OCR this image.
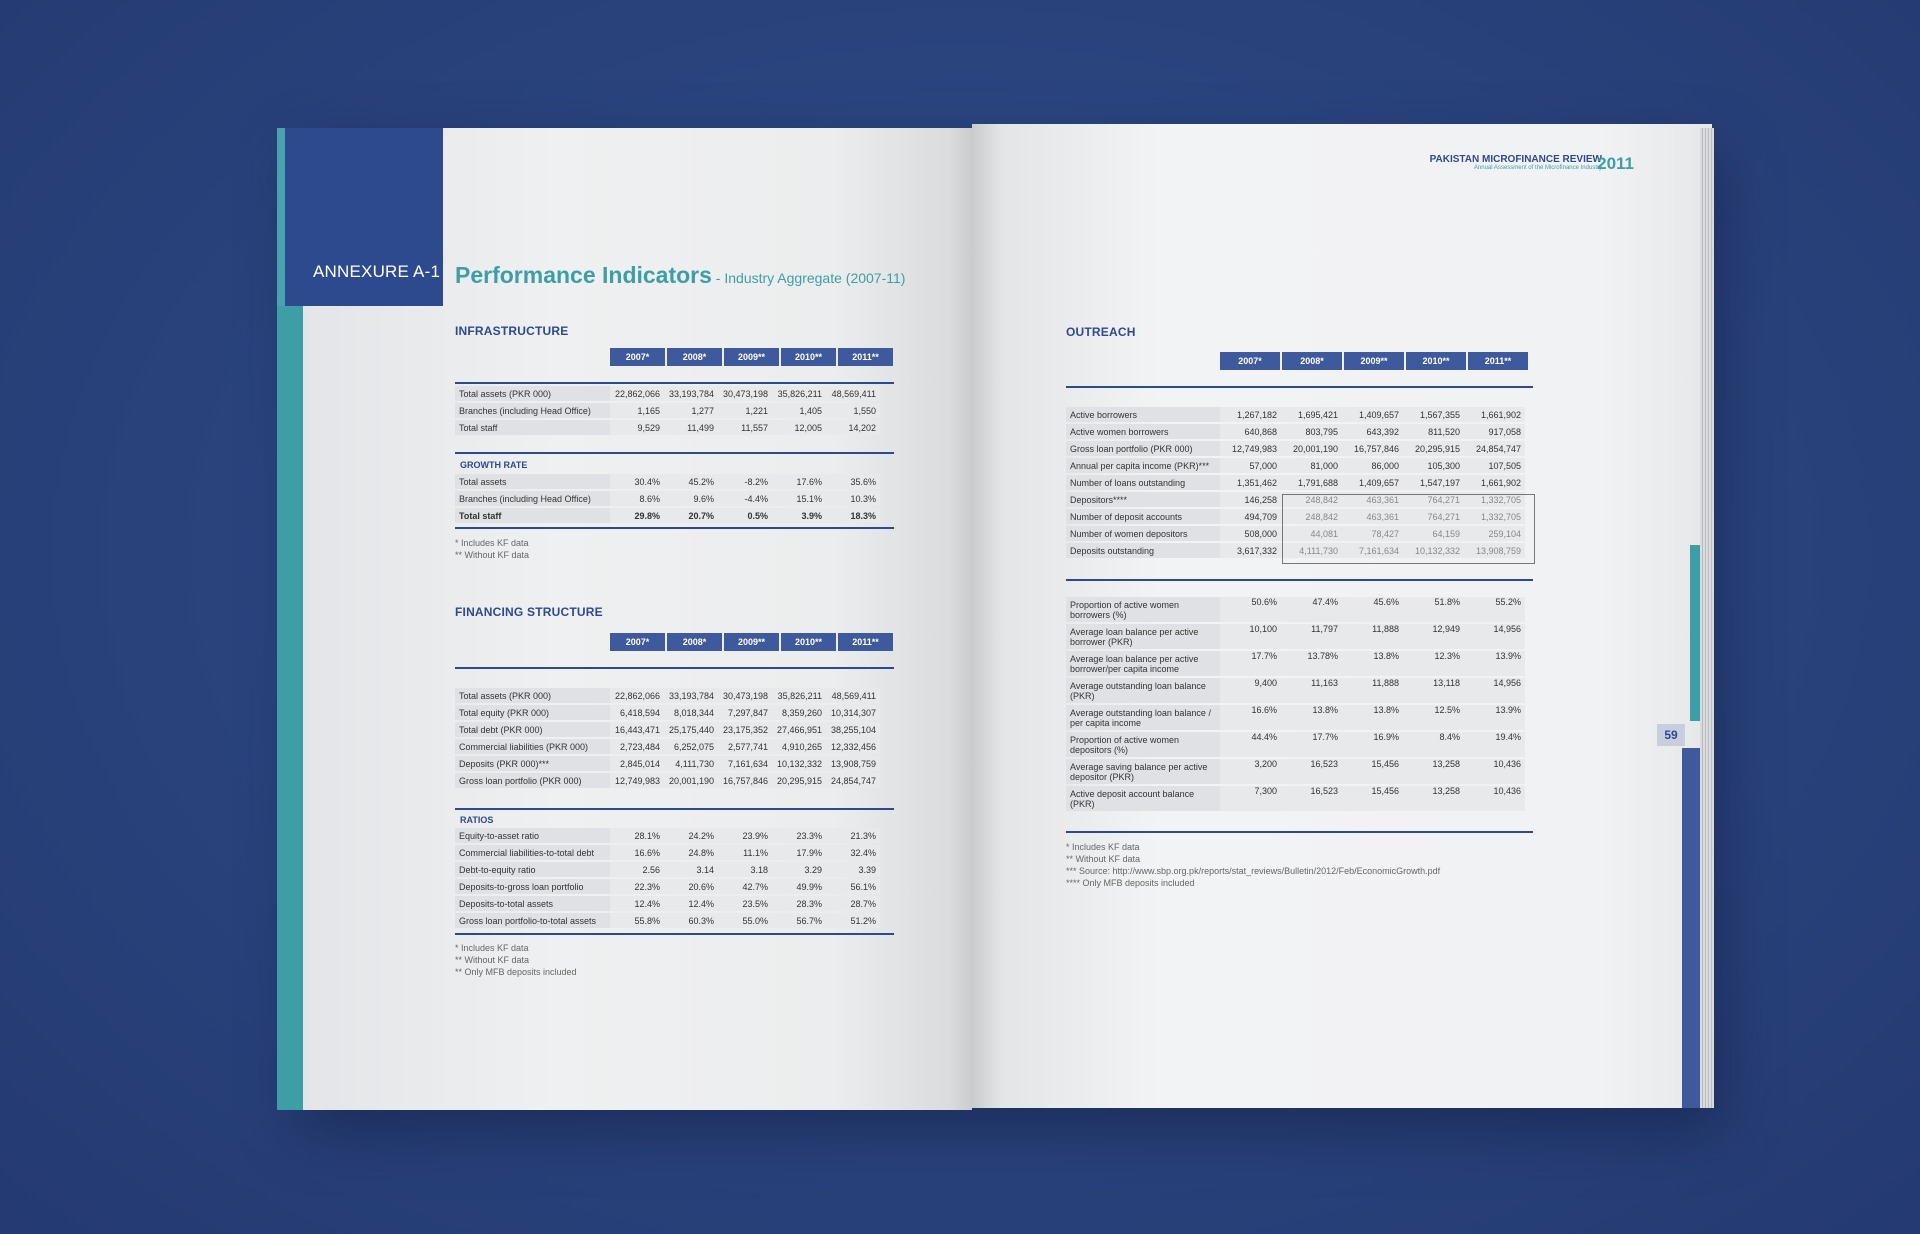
ANNEXURE A-1 Performance Indicators - Industry Aggregate (2007-11)
INFRASTRUCTURE
2007*	2008*	2009**	2010**	2011**
Total assets (PKR 000)	22,862,066	33,193,784	30,473,198	35,826,211	48,569,411
Branches (including Head Office)	1,165	1,277	1,221	1,405	1,550
Total staff	9,529	11,499	11,557	12,005	14,202
GROWTH RATE
Total assets	30.4%	45.2%	-8.2%	17.6%	35.6%
Branches (including Head Office)	8.6%	9.6%	-4.4%	15.1%	10.3%
Total staff	29.8%	20.7%	0.5%	3.9%	18.3%
* Includes KF data
** Without KF data
FINANCING STRUCTURE
2007*	2008*	2009**	2010**	2011**
Total assets (PKR 000)	22,862,066	33,193,784	30,473,198	35,826,211	48,569,411
Total equity (PKR 000)	6,418,594	8,018,344	7,297,847	8,359,260	10,314,307
Total debt (PKR 000)	16,443,471	25,175,440	23,175,352	27,466,951	38,255,104
Commercial liabilities (PKR 000)	2,723,484	6,252,075	2,577,741	4,910,265	12,332,456
Deposits (PKR 000)***	2,845,014	4,111,730	7,161,634	10,132,332	13,908,759
Gross loan portfolio (PKR 000)	12,749,983	20,001,190	16,757,846	20,295,915	24,854,747
RATIOS
Equity-to-asset ratio	28.1%	24.2%	23.9%	23.3%	21.3%
Commercial liabilities-to-total debt	16.6%	24.8%	11.1%	17.9%	32.4%
Debt-to-equity ratio	2.56	3.14	3.18	3.29	3.39
Deposits-to-gross loan portfolio	22.3%	20.6%	42.7%	49.9%	56.1%
Deposits-to-total assets	12.4%	12.4%	23.5%	28.3%	28.7%
Gross loan portfolio-to-total assets	55.8%	60.3%	55.0%	56.7%	51.2%
* Includes KF data
** Without KF data
** Only MFB deposits included
PAKISTAN MICROFINANCE REVIEW
Annual Assessment of the Microfinance Industry
2011
OUTREACH
2007*	2008*	2009**	2010**	2011**
Active borrowers	1,267,182	1,695,421	1,409,657	1,567,355	1,661,902
Active women borrowers	640,868	803,795	643,392	811,520	917,058
Gross loan portfolio (PKR 000)	12,749,983	20,001,190	16,757,846	20,295,915	24,854,747
Annual per capita income (PKR)***	57,000	81,000	86,000	105,300	107,505
Number of loans outstanding	1,351,462	1,791,688	1,409,657	1,547,197	1,661,902
Depositors****	146,258	248,842	463,361	764,271	1,332,705
Number of deposit accounts	494,709	248,842	463,361	764,271	1,332,705
Number of women depositors	508,000	44,081	78,427	64,159	259,104
Deposits outstanding	3,617,332	4,111,730	7,161,634	10,132,332	13,908,759
Proportion of active women borrowers (%)	50.6%	47.4%	45.6%	51.8%	55.2%
Average loan balance per active borrower (PKR)	10,100	11,797	11,888	12,949	14,956
Average loan balance per active borrower/per capita income	17.7%	13.78%	13.8%	12.3%	13.9%
Average outstanding loan balance (PKR)	9,400	11,163	11,888	13,118	14,956
Average outstanding loan balance / per capita income	16.6%	13.8%	13.8%	12.5%	13.9%
Proportion of active women depositors (%)	44.4%	17.7%	16.9%	8.4%	19.4%
Average saving balance per active depositor (PKR)	3,200	16,523	15,456	13,258	10,436
Active deposit account balance (PKR)	7,300	16,523	15,456	13,258	10,436
* Includes KF data
** Without KF data
*** Source: http://www.sbp.org.pk/reports/stat_reviews/Bulletin/2012/Feb/EconomicGrowth.pdf
**** Only MFB deposits included
59
